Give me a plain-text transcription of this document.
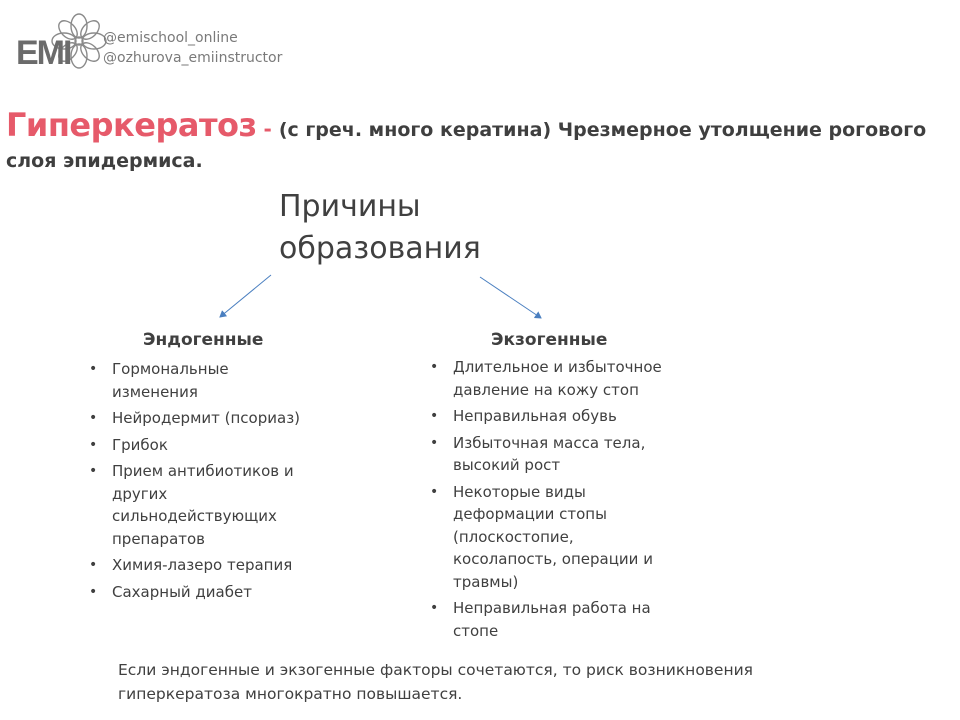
EMI @emischool_online
@ozhurova_emiinstructor
Гиперкератоз - (с греч. много кератина) Чрезмерное утолщение рогового
слоя эпидермиса.
Причины
образования
Эндогенные
• Гормональные изменения
• Нейродермит (псориаз)
• Грибок
• Прием антибиотиков и других сильнодействующих препаратов
• Химия-лазеро терапия
• Сахарный диабет
Экзогенные
• Длительное и избыточное давление на кожу стоп
• Неправильная обувь
• Избыточная масса тела, высокий рост
• Некоторые виды деформации стопы (плоскостопие, косолапость, операции и травмы)
• Неправильная работа на стопе
Если эндогенные и экзогенные факторы сочетаются, то риск возникновения гиперкератоза многократно повышается.
